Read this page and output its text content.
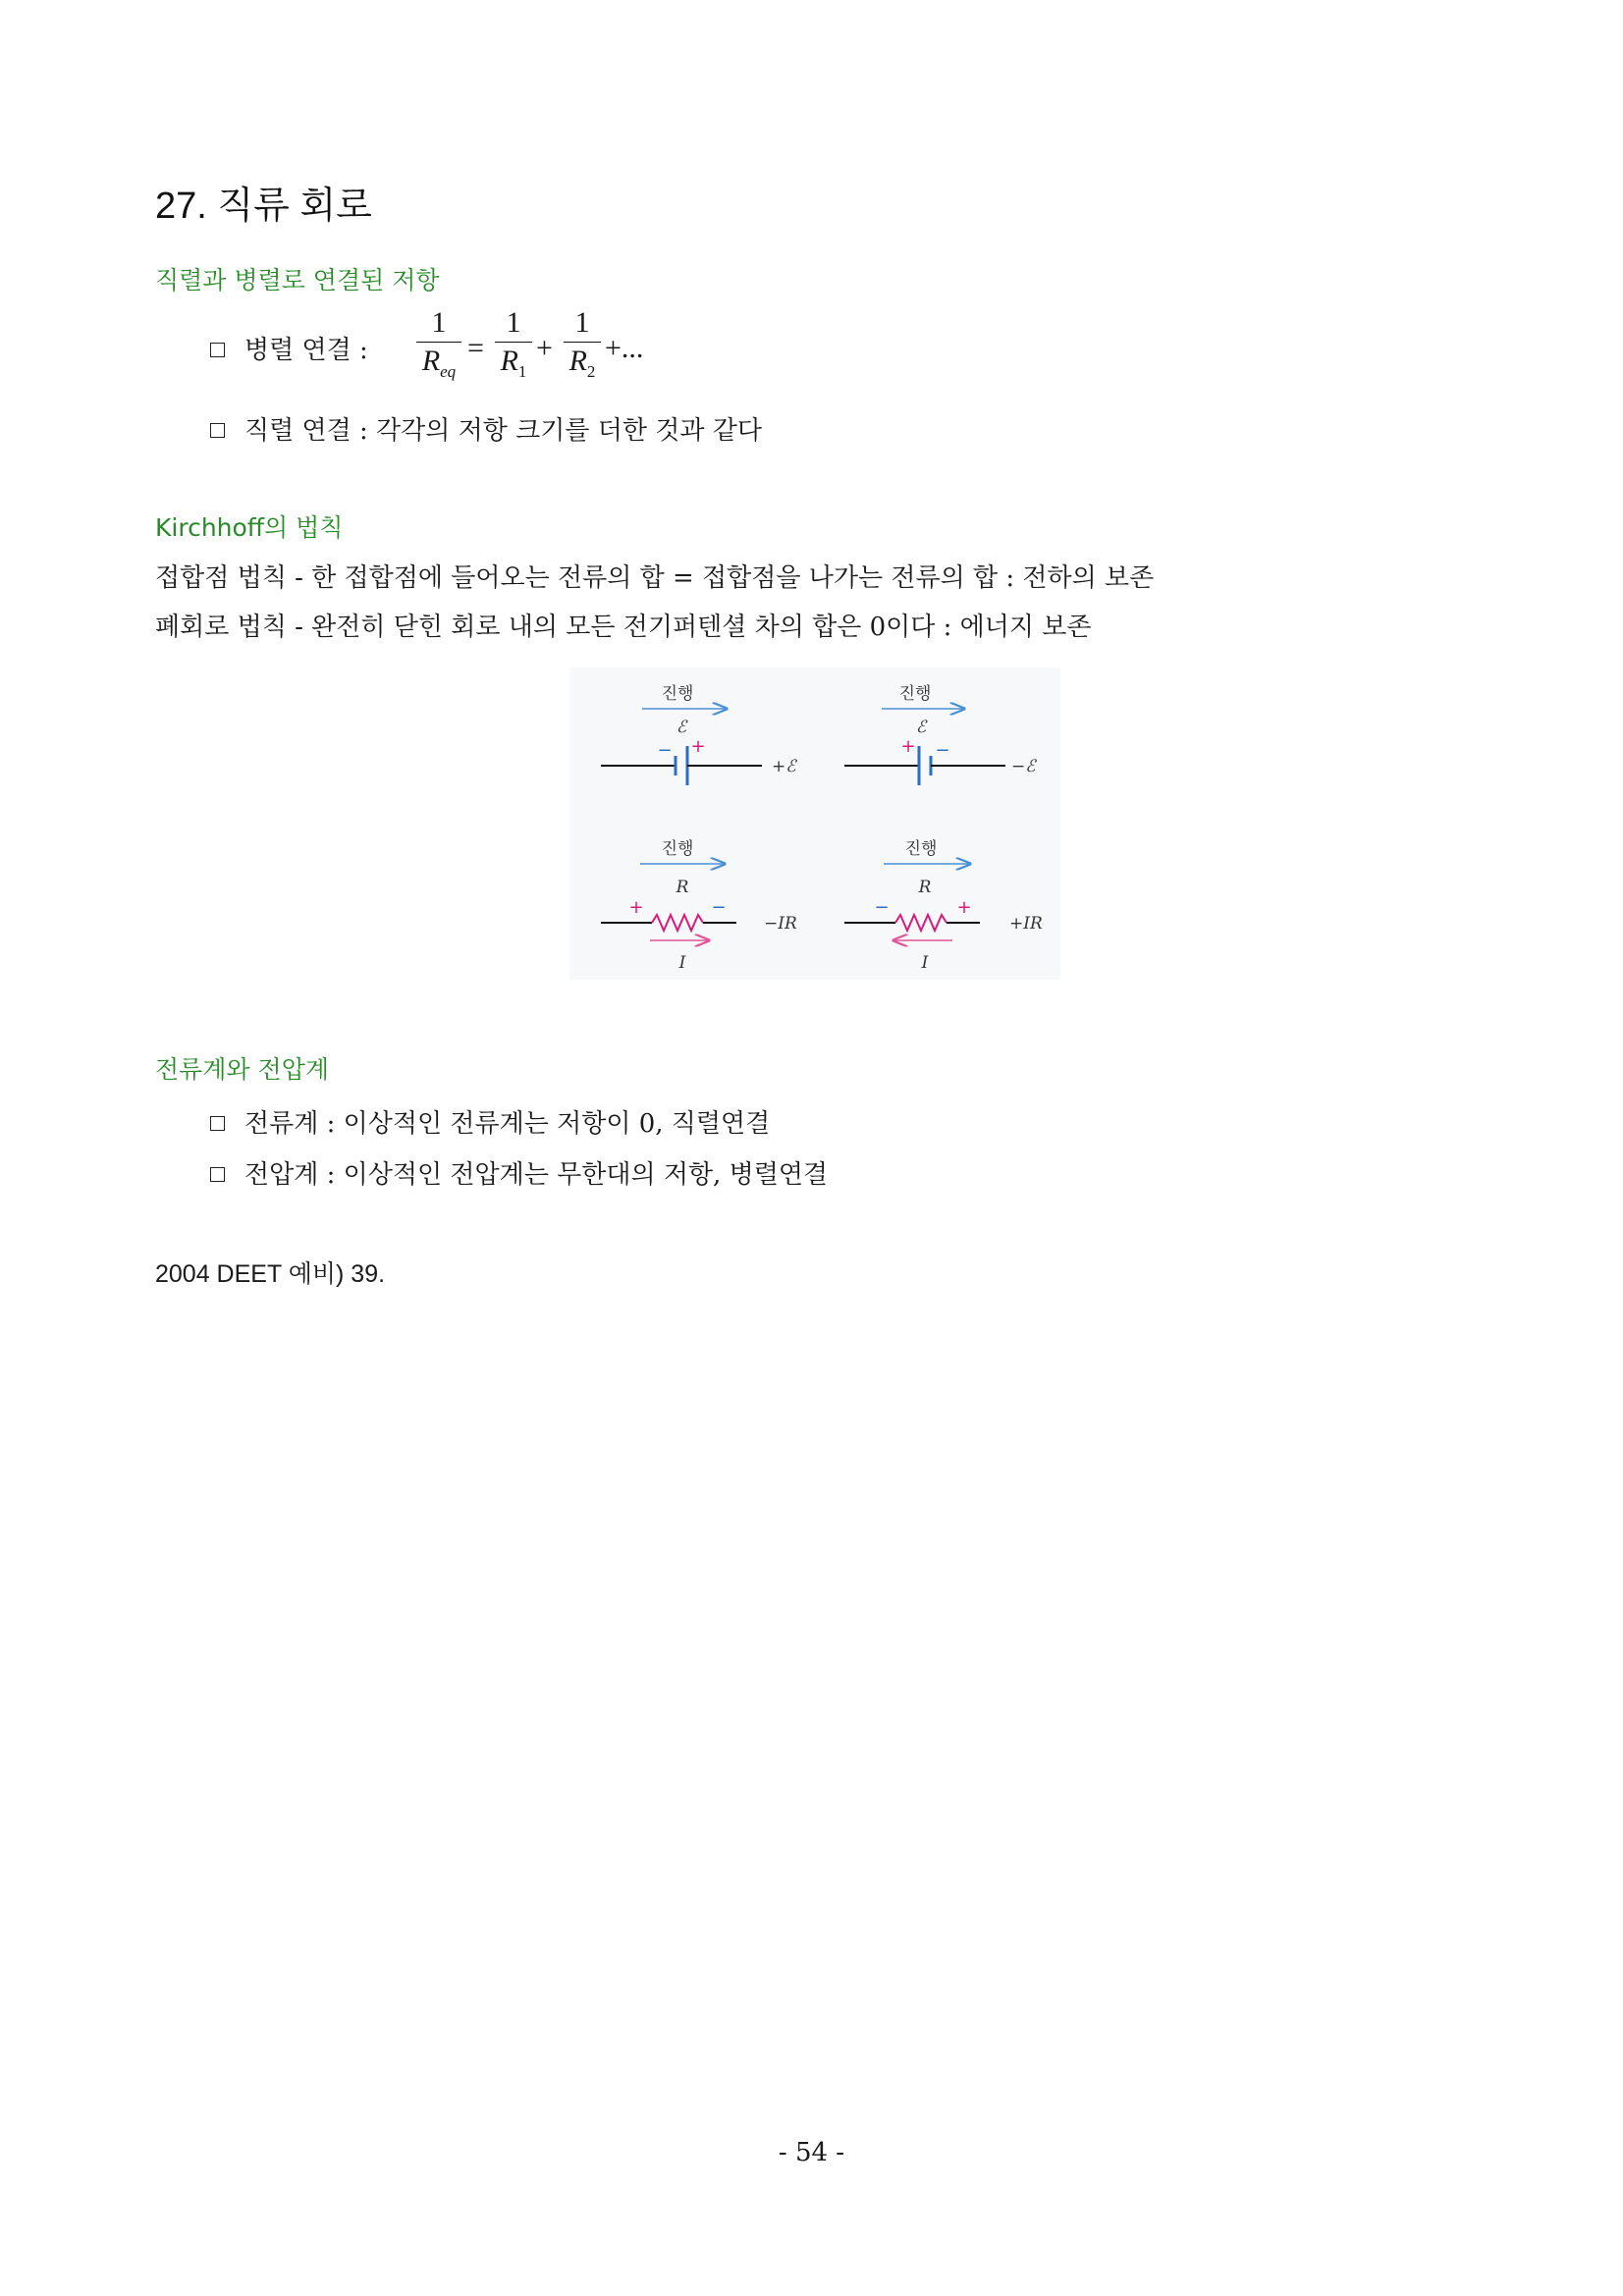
27. 직류 회로
직렬과 병렬로 연결된 저항
병렬 연결 :
1
$R_{eq}$
=
1
$R_1$
+
1
$R_2$
+...
직렬 연결 : 각각의 저항 크기를 더한 것과 같다
Kirchhoff의 법칙
접합점 법칙 - 한 접합점에 들어오는 전류의 합 = 접합점을 나가는 전류의 합 : 전하의 보존
폐회로 법칙 - 완전히 닫힌 회로 내의 모든 전기퍼텐셜 차의 합은 0이다 : 에너지 보존
진행
ℰ
− +
+ℰ
진행
ℰ
+ −
−ℰ
진행
R
+	−
−IR
I
진행
R
−	+
+IR
I
전류계와 전압계
전류계 : 이상적인 전류계는 저항이 0, 직렬연결
전압계 : 이상적인 전압계는 무한대의 저항, 병렬연결
2004 DEET 예비) 39.
- 54 -
